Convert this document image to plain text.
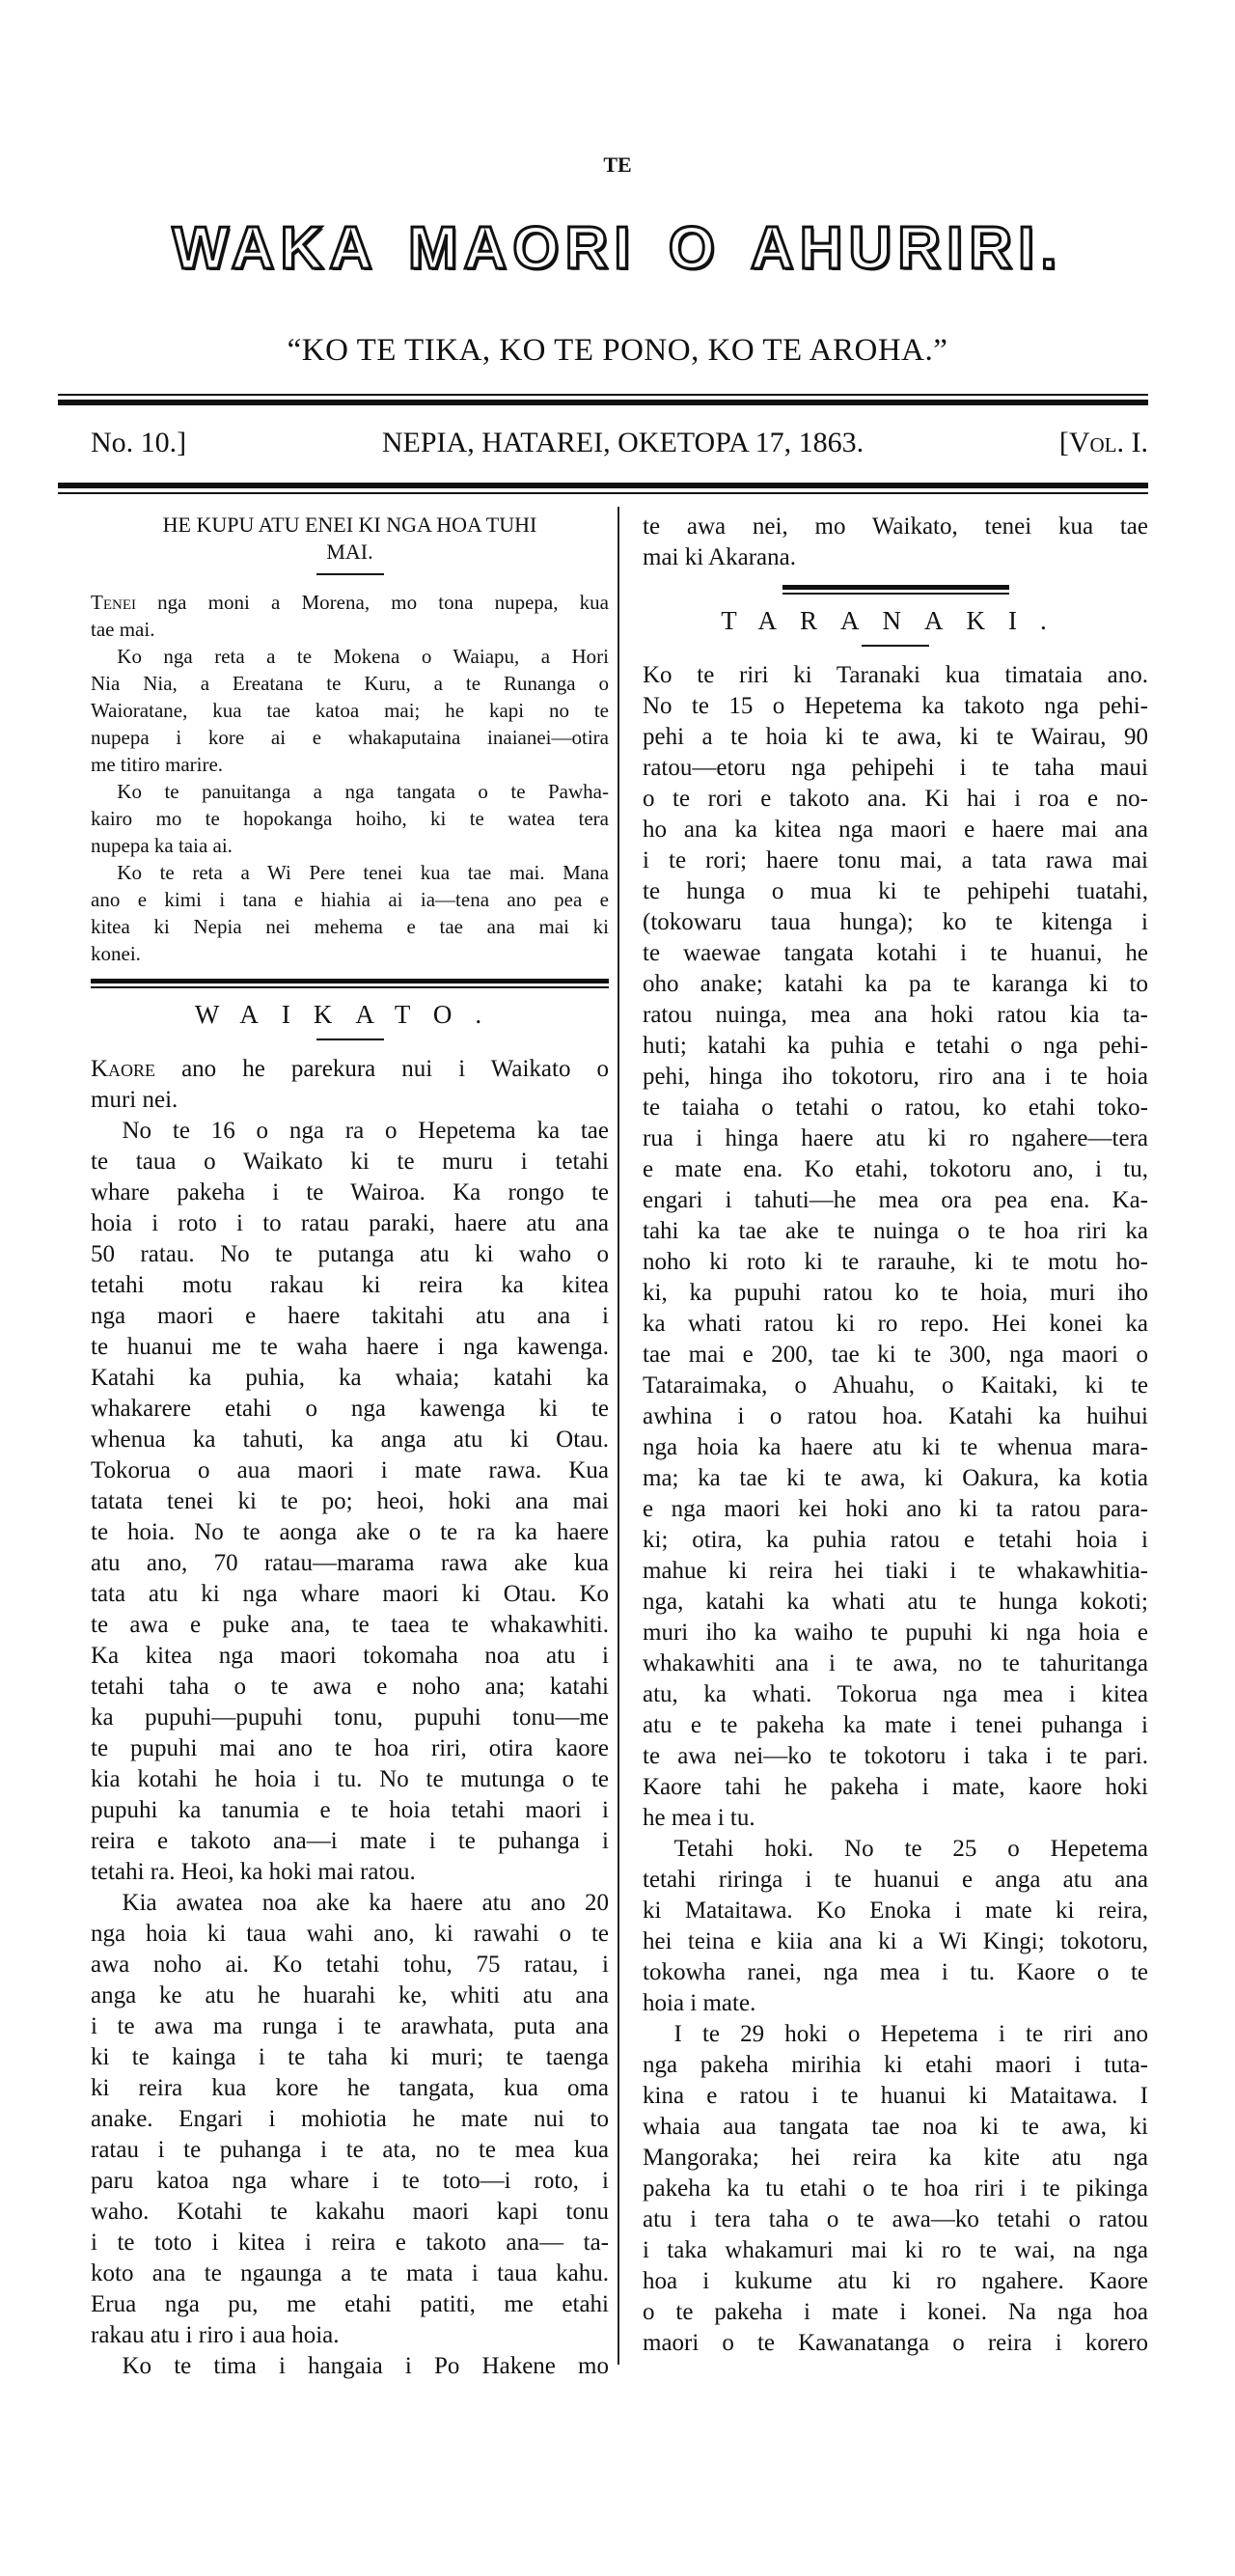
TE
WAKA MAORI O AHURIRI.
“KO TE TIKA, KO TE PONO, KO TE AROHA.”
No. 10.]	NEPIA, HATAREI, OKETOPA 17, 1863.	[Vol. I.
HE KUPU ATU ENEI KI NGA HOA TUHI
MAI.
Tenei nga moni a Morena, mo tona nupepa, kua
tae mai.
Ko nga reta a te Mokena o Waiapu, a Hori
Nia Nia, a Ereatana te Kuru, a te Runanga o
Waioratane, kua tae katoa mai; he kapi no te
nupepa i kore ai e whakaputaina inaianei—otira
me titiro marire.
Ko te panuitanga a nga tangata o te Pawha-
kairo mo te hopokanga hoiho, ki te watea tera
nupepa ka taia ai.
Ko te reta a Wi Pere tenei kua tae mai. Mana
ano e kimi i tana e hiahia ai ia—tena ano pea e
kitea ki Nepia nei mehema e tae ana mai ki
konei.
WAIKATO.
Kaore ano he parekura nui i Waikato o
muri nei.
No te 16 o nga ra o Hepetema ka tae
te taua o Waikato ki te muru i tetahi
whare pakeha i te Wairoa. Ka rongo te
hoia i roto i to ratau paraki, haere atu ana
50 ratau. No te putanga atu ki waho o
tetahi motu rakau ki reira ka kitea
nga maori e haere takitahi atu ana i
te huanui me te waha haere i nga kawenga.
Katahi ka puhia, ka whaia; katahi ka
whakarere etahi o nga kawenga ki te
whenua ka tahuti, ka anga atu ki Otau.
Tokorua o aua maori i mate rawa. Kua
tatata tenei ki te po; heoi, hoki ana mai
te hoia. No te aonga ake o te ra ka haere
atu ano, 70 ratau—marama rawa ake kua
tata atu ki nga whare maori ki Otau. Ko
te awa e puke ana, te taea te whakawhiti.
Ka kitea nga maori tokomaha noa atu i
tetahi taha o te awa e noho ana; katahi
ka pupuhi—pupuhi tonu, pupuhi tonu—me
te pupuhi mai ano te hoa riri, otira kaore
kia kotahi he hoia i tu. No te mutunga o te
pupuhi ka tanumia e te hoia tetahi maori i
reira e takoto ana—i mate i te puhanga i
tetahi ra. Heoi, ka hoki mai ratou.
Kia awatea noa ake ka haere atu ano 20
nga hoia ki taua wahi ano, ki rawahi o te
awa noho ai. Ko tetahi tohu, 75 ratau, i
anga ke atu he huarahi ke, whiti atu ana
i te awa ma runga i te arawhata, puta ana
ki te kainga i te taha ki muri; te taenga
ki reira kua kore he tangata, kua oma
anake. Engari i mohiotia he mate nui to
ratau i te puhanga i te ata, no te mea kua
paru katoa nga whare i te toto—i roto, i
waho. Kotahi te kakahu maori kapi tonu
i te toto i kitea i reira e takoto ana— ta-
koto ana te ngaunga a te mata i taua kahu.
Erua nga pu, me etahi patiti, me etahi
rakau atu i riro i aua hoia.
Ko te tima i hangaia i Po Hakene mo
te awa nei, mo Waikato, tenei kua tae
mai ki Akarana.
TARANAKI.
Ko te riri ki Taranaki kua timataia ano.
No te 15 o Hepetema ka takoto nga pehi-
pehi a te hoia ki te awa, ki te Wairau, 90
ratou—etoru nga pehipehi i te taha maui
o te rori e takoto ana. Ki hai i roa e no-
ho ana ka kitea nga maori e haere mai ana
i te rori; haere tonu mai, a tata rawa mai
te hunga o mua ki te pehipehi tuatahi,
(tokowaru taua hunga); ko te kitenga i
te waewae tangata kotahi i te huanui, he
oho anake; katahi ka pa te karanga ki to
ratou nuinga, mea ana hoki ratou kia ta-
huti; katahi ka puhia e tetahi o nga pehi-
pehi, hinga iho tokotoru, riro ana i te hoia
te taiaha o tetahi o ratou, ko etahi toko-
rua i hinga haere atu ki ro ngahere—tera
e mate ena. Ko etahi, tokotoru ano, i tu,
engari i tahuti—he mea ora pea ena. Ka-
tahi ka tae ake te nuinga o te hoa riri ka
noho ki roto ki te rarauhe, ki te motu ho-
ki, ka pupuhi ratou ko te hoia, muri iho
ka whati ratou ki ro repo. Hei konei ka
tae mai e 200, tae ki te 300, nga maori o
Tataraimaka, o Ahuahu, o Kaitaki, ki te
awhina i o ratou hoa. Katahi ka huihui
nga hoia ka haere atu ki te whenua mara-
ma; ka tae ki te awa, ki Oakura, ka kotia
e nga maori kei hoki ano ki ta ratou para-
ki; otira, ka puhia ratou e tetahi hoia i
mahue ki reira hei tiaki i te whakawhitia-
nga, katahi ka whati atu te hunga kokoti;
muri iho ka waiho te pupuhi ki nga hoia e
whakawhiti ana i te awa, no te tahuritanga
atu, ka whati. Tokorua nga mea i kitea
atu e te pakeha ka mate i tenei puhanga i
te awa nei—ko te tokotoru i taka i te pari.
Kaore tahi he pakeha i mate, kaore hoki
he mea i tu.
Tetahi hoki. No te 25 o Hepetema
tetahi riringa i te huanui e anga atu ana
ki Mataitawa. Ko Enoka i mate ki reira,
hei teina e kiia ana ki a Wi Kingi; tokotoru,
tokowha ranei, nga mea i tu. Kaore o te
hoia i mate.
I te 29 hoki o Hepetema i te riri ano
nga pakeha mirihia ki etahi maori i tuta-
kina e ratou i te huanui ki Mataitawa. I
whaia aua tangata tae noa ki te awa, ki
Mangoraka; hei reira ka kite atu nga
pakeha ka tu etahi o te hoa riri i te pikinga
atu i tera taha o te awa—ko tetahi o ratou
i taka whakamuri mai ki ro te wai, na nga
hoa i kukume atu ki ro ngahere. Kaore
o te pakeha i mate i konei. Na nga hoa
maori o te Kawanatanga o reira i korero
